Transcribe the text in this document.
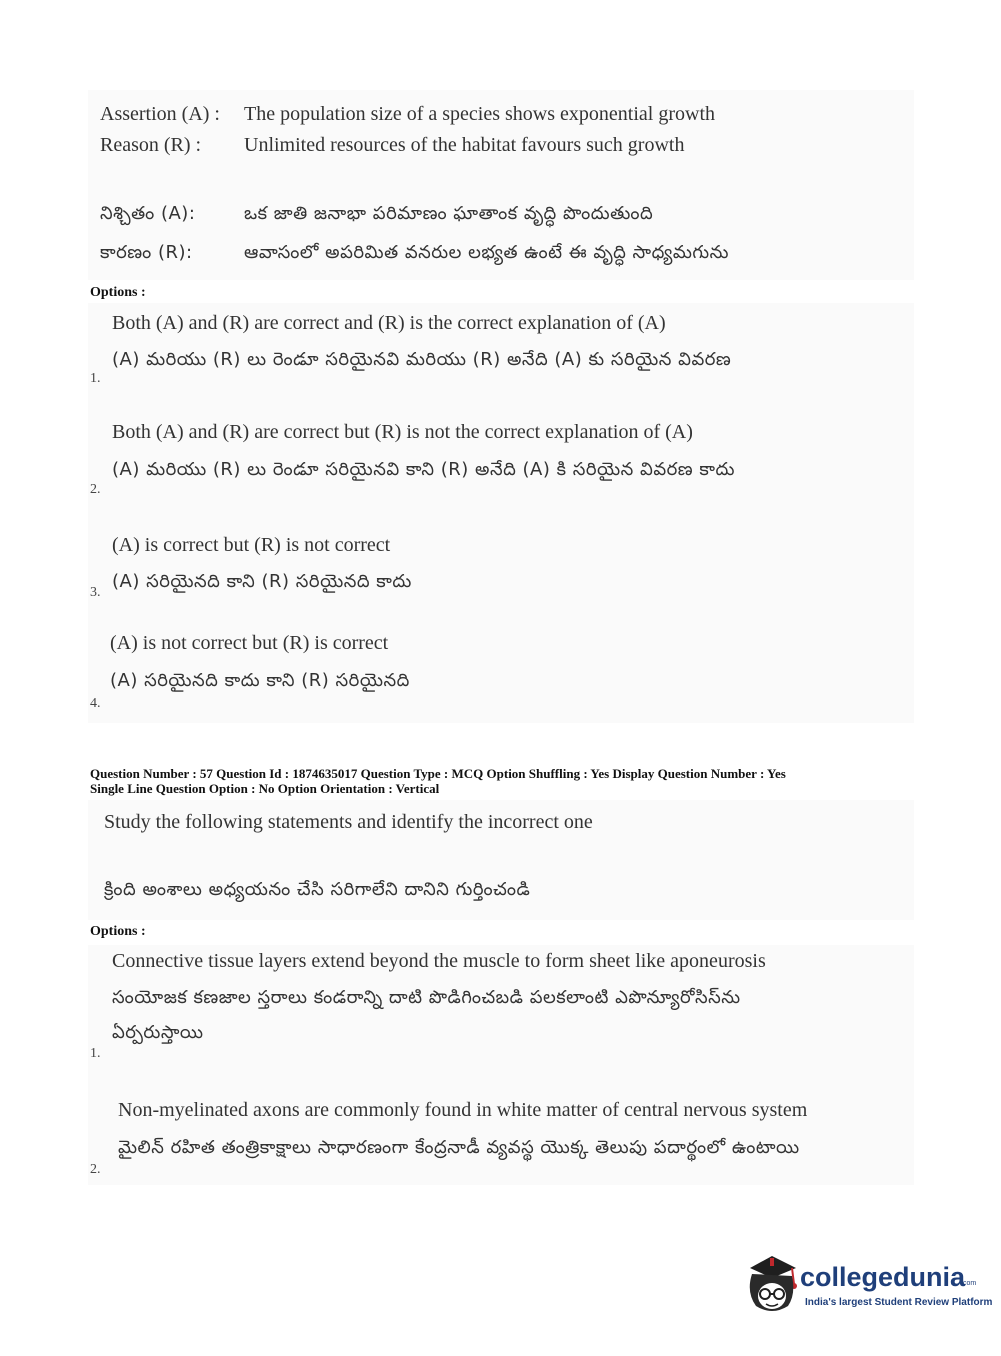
Assertion (A) : The population size of a species shows exponential growth
Reason (R) : Unlimited resources of the habitat favours such growth
నిశ్చితం (A):	ఒక జాతి జనాభా పరిమాణం ఘాతాంక వృద్ధి పొందుతుంది
కారణం (R):	ఆవాసంలో అపరిమిత వనరుల లభ్యత ఉంటే ఈ వృద్ధి సాధ్యమగును
Options :
Both (A) and (R) are correct and (R) is the correct explanation of (A)
(A) మరియు (R) లు రెండూ సరియైనవి మరియు (R) అనేది (A) కు సరియైన వివరణ
1.
Both (A) and (R) are correct but (R) is not the correct explanation of (A)
(A) మరియు (R) లు రెండూ సరియైనవి కాని (R) అనేది (A) కి సరియైన వివరణ కాదు
2.
(A) is correct but (R) is not correct
(A) సరియైనది కాని (R) సరియైనది కాదు
3.
(A) is not correct but (R) is correct
(A) సరియైనది కాదు కాని (R) సరియైనది
4.
Question Number : 57 Question Id : 1874635017 Question Type : MCQ Option Shuffling : Yes Display Question Number : Yes
Single Line Question Option : No Option Orientation : Vertical
Study the following statements and identify the incorrect one
క్రింది అంశాలు అధ్యయనం చేసి సరిగాలేని దానిని గుర్తించండి
Options :
Connective tissue layers extend beyond the muscle to form sheet like aponeurosis
సంయోజక కణజాల స్తరాలు కండరాన్ని దాటి పొడిగించబడి పలకలాంటి ఎపొన్యూరోసిస్‌ను
ఏర్పరుస్తాయి
1.
Non-myelinated axons are commonly found in white matter of central nervous system
మైలిన్ రహిత తంత్రికాక్షాలు సాధారణంగా కేంద్రనాడీ వ్యవస్థ యొక్క తెలుపు పదార్థంలో ఉంటాయి
2.
collegedunia
com
India's largest Student Review Platform
